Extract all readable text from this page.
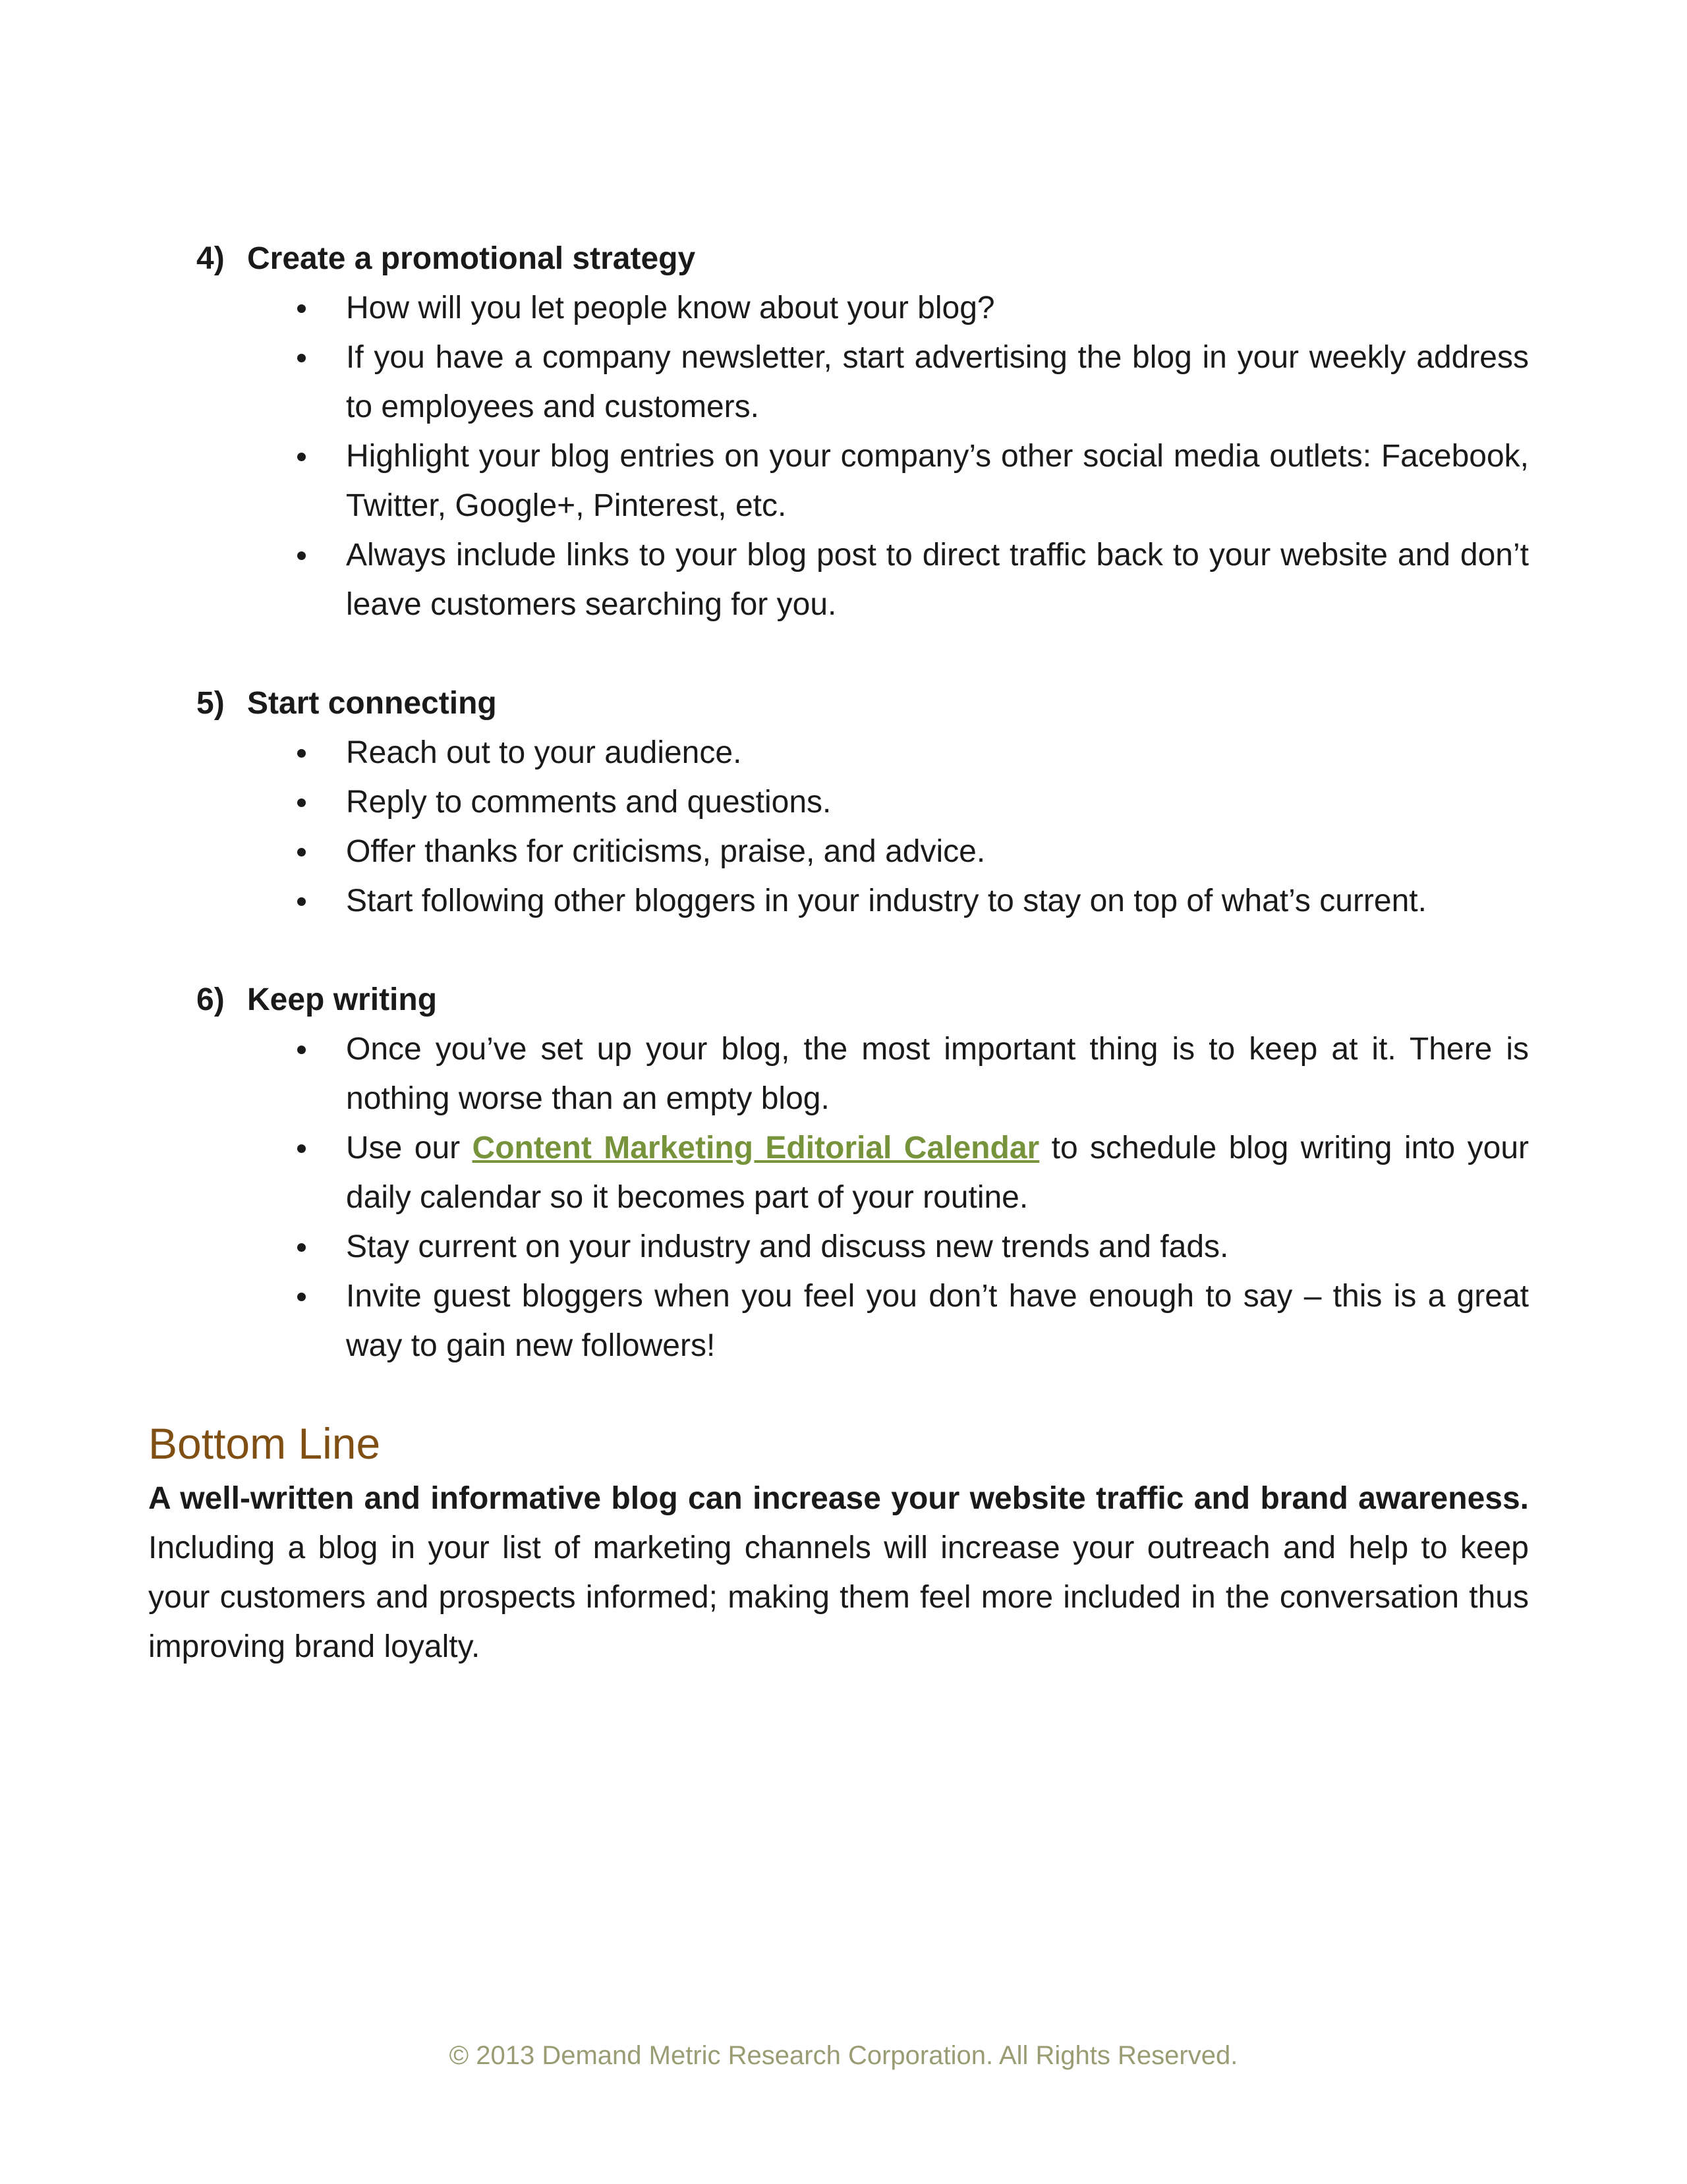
4) Create a promotional strategy
How will you let people know about your blog?
If you have a company newsletter, start advertising the blog in your weekly address to employees and customers.
Highlight your blog entries on your company’s other social media outlets: Facebook, Twitter, Google+, Pinterest, etc.
Always include links to your blog post to direct traffic back to your website and don’t leave customers searching for you.
5) Start connecting
Reach out to your audience.
Reply to comments and questions.
Offer thanks for criticisms, praise, and advice.
Start following other bloggers in your industry to stay on top of what’s current.
6) Keep writing
Once you’ve set up your blog, the most important thing is to keep at it. There is nothing worse than an empty blog.
Use our Content Marketing Editorial Calendar to schedule blog writing into your daily calendar so it becomes part of your routine.
Stay current on your industry and discuss new trends and fads.
Invite guest bloggers when you feel you don’t have enough to say – this is a great way to gain new followers!
Bottom Line

A well-written and informative blog can increase your website traffic and brand awareness. Including a blog in your list of marketing channels will increase your outreach and help to keep your customers and prospects informed; making them feel more included in the conversation thus improving brand loyalty.

© 2013 Demand Metric Research Corporation. All Rights Reserved.
